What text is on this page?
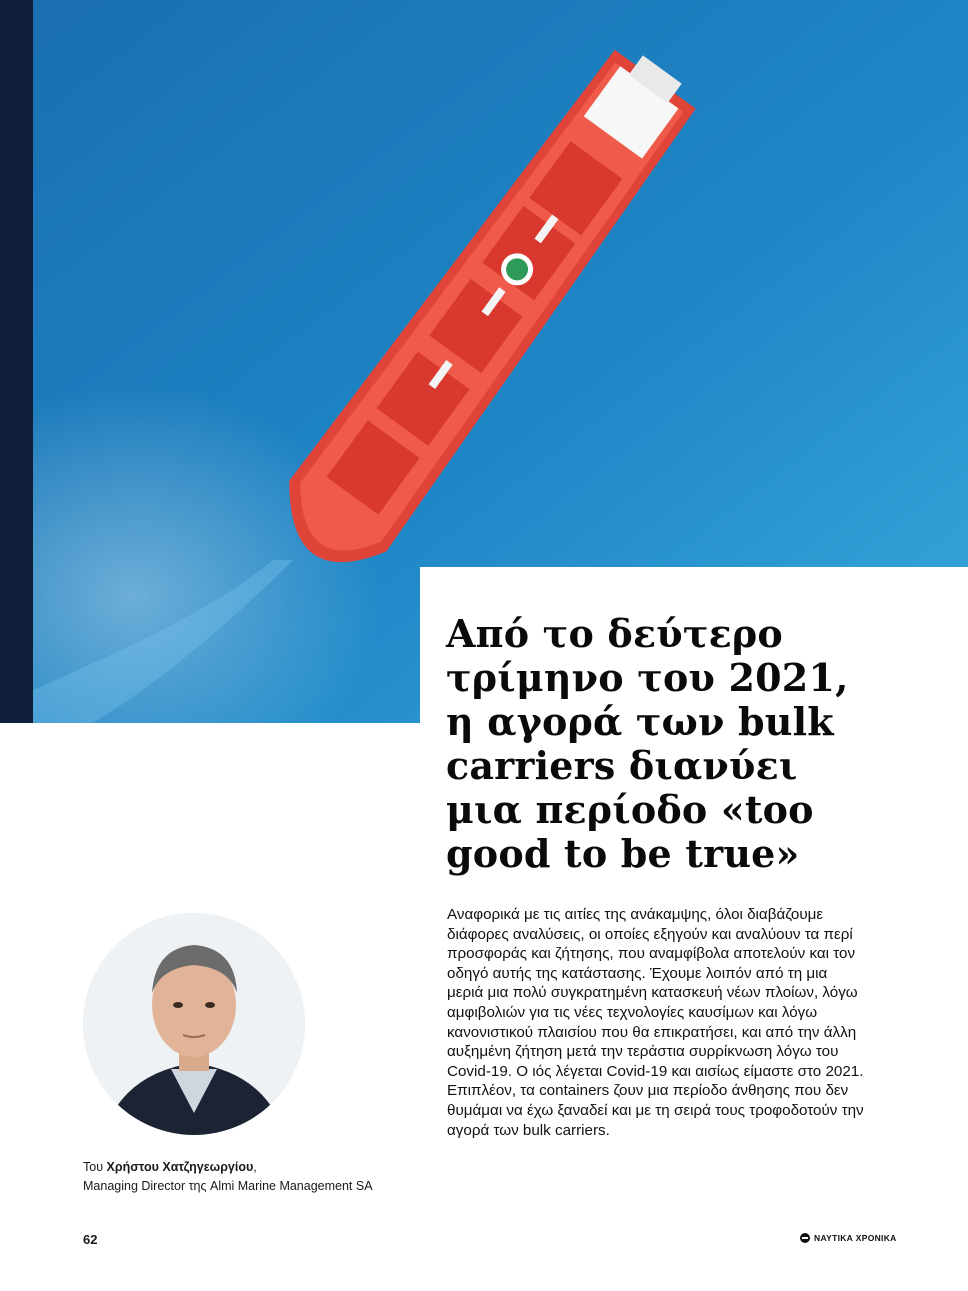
Από το δεύτερο τρίμηνο του 2021, η αγορά των bulk carriers διανύει μια περίοδο «too good to be true»
Του Χρήστου Χατζηγεωργίου,
Managing Director της Almi Marine Management SA

Αναφορικά με τις αιτίες της ανάκαμψης, όλοι διαβάζουμε διάφορες αναλύσεις, οι οποίες εξηγούν και αναλύουν τα περί προσφοράς και ζήτησης, που αναμφίβολα αποτελούν και τον οδηγό αυτής της κατάστασης. Έχουμε λοιπόν από τη μια μεριά μια πολύ συγκρατημένη κατασκευή νέων πλοίων, λόγω αμφιβολιών για τις νέες τεχνολογίες καυσίμων και λόγω κανονιστικού πλαισίου που θα επικρατήσει, και από την άλλη αυξημένη ζήτηση μετά την τεράστια συρρίκνωση λόγω του Covid-19. Ο ιός λέγεται Covid-19 και αισίως είμαστε στο 2021. Επιπλέον, τα containers ζουν μια περίοδο άνθησης που δεν θυμάμαι να έχω ξαναδεί και με τη σειρά τους τροφοδοτούν την αγορά των bulk carriers.

62	ΝΑΥΤΙΚΑ ΧΡΟΝΙΚΑ
